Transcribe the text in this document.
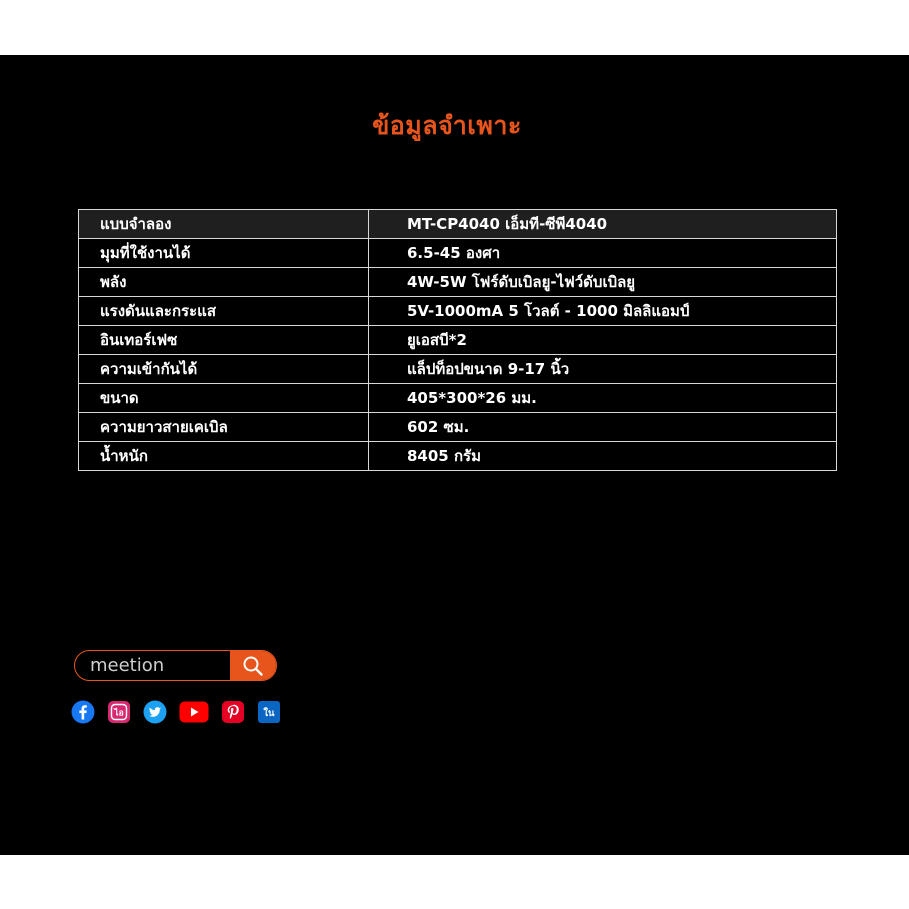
ข้อมูลจำเพาะ
แบบจำลอง	MT-CP4040 เอ็มที-ซีพี4040
มุมที่ใช้งานได้	6.5-45 องศา
พลัง	4W-5W โฟร์ดับเบิลยู-ไฟว์ดับเบิลยู
แรงดันและกระแส	5V-1000mA 5 โวลต์ - 1000 มิลลิแอมป์
อินเทอร์เฟซ	ยูเอสบี*2
ความเข้ากันได้	แล็ปท็อปขนาด 9-17 นิ้ว
ขนาด	405*300*26 มม.
ความยาวสายเคเบิล	602 ซม.
น้ำหนัก	8405 กรัม
meetion
ไอ	ใน
